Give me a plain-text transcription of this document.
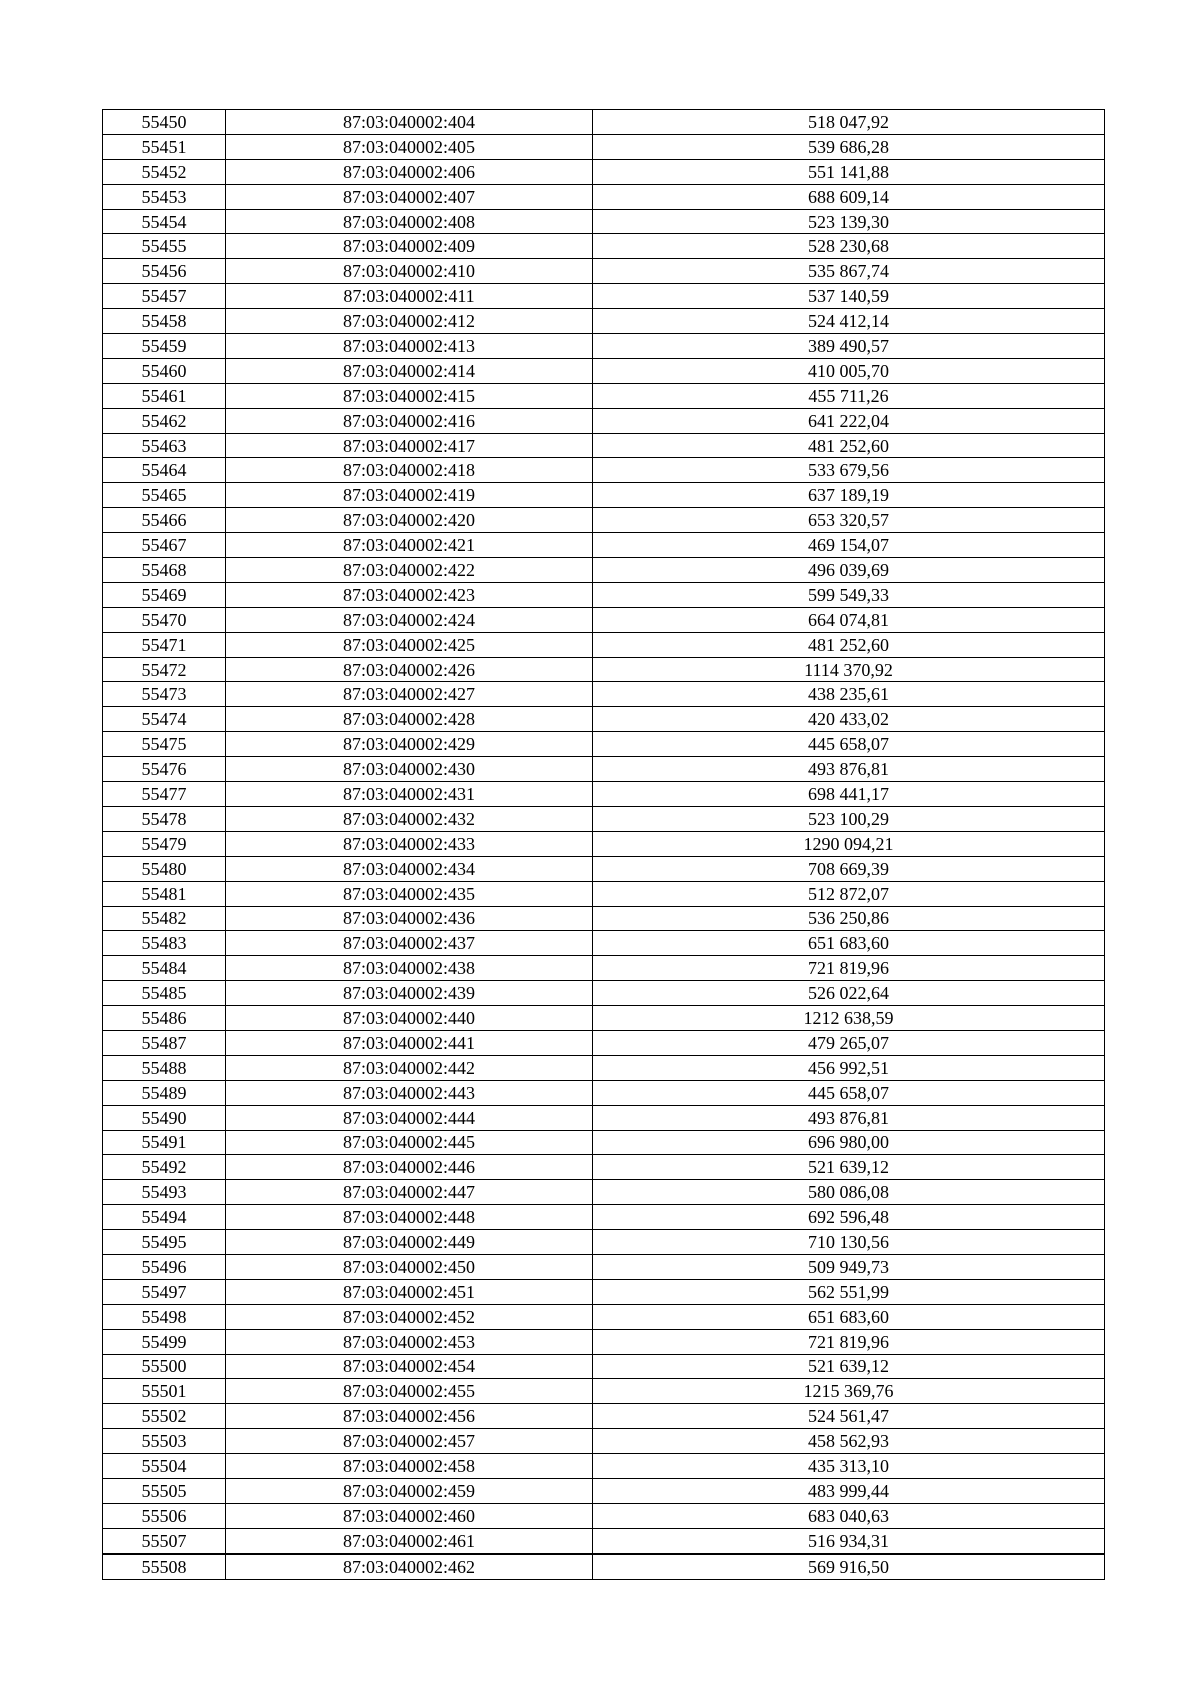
55450	87:03:040002:404	518 047,92
55451	87:03:040002:405	539 686,28
55452	87:03:040002:406	551 141,88
55453	87:03:040002:407	688 609,14
55454	87:03:040002:408	523 139,30
55455	87:03:040002:409	528 230,68
55456	87:03:040002:410	535 867,74
55457	87:03:040002:411	537 140,59
55458	87:03:040002:412	524 412,14
55459	87:03:040002:413	389 490,57
55460	87:03:040002:414	410 005,70
55461	87:03:040002:415	455 711,26
55462	87:03:040002:416	641 222,04
55463	87:03:040002:417	481 252,60
55464	87:03:040002:418	533 679,56
55465	87:03:040002:419	637 189,19
55466	87:03:040002:420	653 320,57
55467	87:03:040002:421	469 154,07
55468	87:03:040002:422	496 039,69
55469	87:03:040002:423	599 549,33
55470	87:03:040002:424	664 074,81
55471	87:03:040002:425	481 252,60
55472	87:03:040002:426	1114 370,92
55473	87:03:040002:427	438 235,61
55474	87:03:040002:428	420 433,02
55475	87:03:040002:429	445 658,07
55476	87:03:040002:430	493 876,81
55477	87:03:040002:431	698 441,17
55478	87:03:040002:432	523 100,29
55479	87:03:040002:433	1290 094,21
55480	87:03:040002:434	708 669,39
55481	87:03:040002:435	512 872,07
55482	87:03:040002:436	536 250,86
55483	87:03:040002:437	651 683,60
55484	87:03:040002:438	721 819,96
55485	87:03:040002:439	526 022,64
55486	87:03:040002:440	1212 638,59
55487	87:03:040002:441	479 265,07
55488	87:03:040002:442	456 992,51
55489	87:03:040002:443	445 658,07
55490	87:03:040002:444	493 876,81
55491	87:03:040002:445	696 980,00
55492	87:03:040002:446	521 639,12
55493	87:03:040002:447	580 086,08
55494	87:03:040002:448	692 596,48
55495	87:03:040002:449	710 130,56
55496	87:03:040002:450	509 949,73
55497	87:03:040002:451	562 551,99
55498	87:03:040002:452	651 683,60
55499	87:03:040002:453	721 819,96
55500	87:03:040002:454	521 639,12
55501	87:03:040002:455	1215 369,76
55502	87:03:040002:456	524 561,47
55503	87:03:040002:457	458 562,93
55504	87:03:040002:458	435 313,10
55505	87:03:040002:459	483 999,44
55506	87:03:040002:460	683 040,63
55507	87:03:040002:461	516 934,31
55508	87:03:040002:462	569 916,50
